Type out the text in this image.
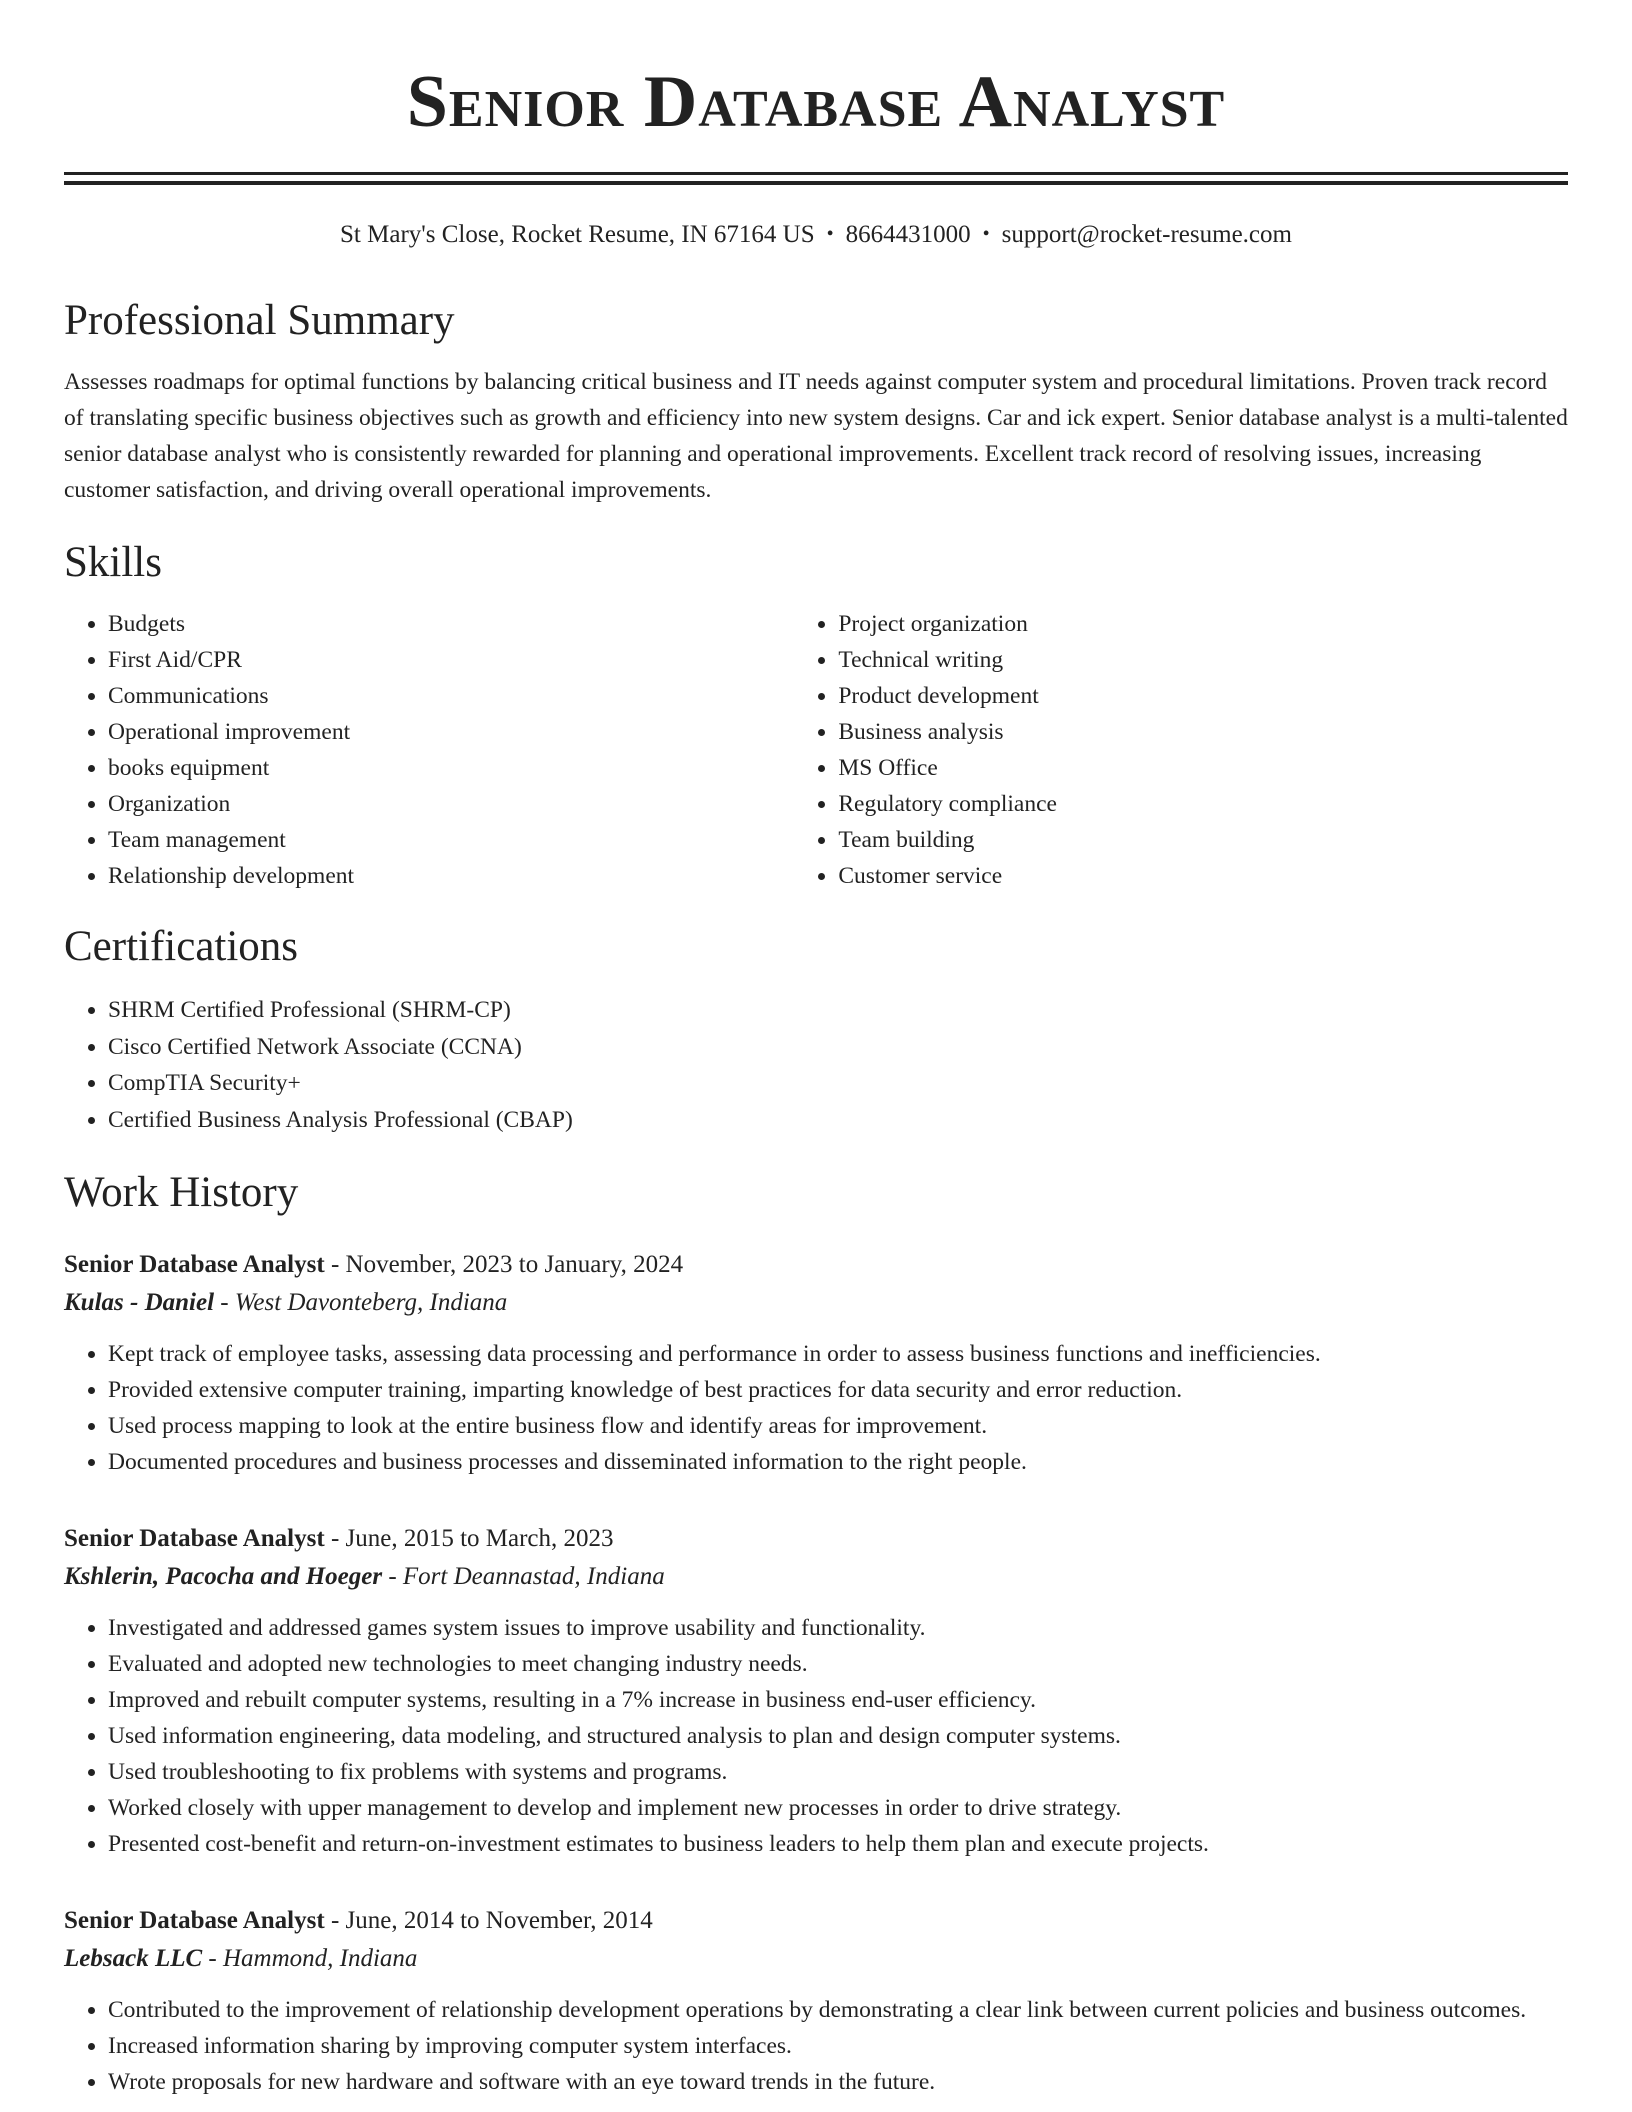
Senior Database Analyst
St Mary's Close, Rocket Resume, IN 67164 US • 8664431000 • support@rocket-resume.com
Professional Summary

Assesses roadmaps for optimal functions by balancing critical business and IT needs against computer system and procedural limitations. Proven track record of translating specific business objectives such as growth and efficiency into new system designs. Car and ick expert. Senior database analyst is a multi-talented senior database analyst who is consistently rewarded for planning and operational improvements. Excellent track record of resolving issues, increasing customer satisfaction, and driving overall operational improvements.

Skills
• Budgets
• First Aid/CPR
• Communications
• Operational improvement
• books equipment
• Organization
• Team management
• Relationship development
• Project organization
• Technical writing
• Product development
• Business analysis
• MS Office
• Regulatory compliance
• Team building
• Customer service
Certifications
• SHRM Certified Professional (SHRM-CP)
• Cisco Certified Network Associate (CCNA)
• CompTIA Security+
• Certified Business Analysis Professional (CBAP)
Work History
Senior Database Analyst - November, 2023 to January, 2024
Kulas - Daniel - West Davonteberg, Indiana
• Kept track of employee tasks, assessing data processing and performance in order to assess business functions and inefficiencies.
• Provided extensive computer training, imparting knowledge of best practices for data security and error reduction.
• Used process mapping to look at the entire business flow and identify areas for improvement.
• Documented procedures and business processes and disseminated information to the right people.
Senior Database Analyst - June, 2015 to March, 2023
Kshlerin, Pacocha and Hoeger - Fort Deannastad, Indiana
• Investigated and addressed games system issues to improve usability and functionality.
• Evaluated and adopted new technologies to meet changing industry needs.
• Improved and rebuilt computer systems, resulting in a 7% increase in business end-user efficiency.
• Used information engineering, data modeling, and structured analysis to plan and design computer systems.
• Used troubleshooting to fix problems with systems and programs.
• Worked closely with upper management to develop and implement new processes in order to drive strategy.
• Presented cost-benefit and return-on-investment estimates to business leaders to help them plan and execute projects.
Senior Database Analyst - June, 2014 to November, 2014
Lebsack LLC - Hammond, Indiana
• Contributed to the improvement of relationship development operations by demonstrating a clear link between current policies and business outcomes.
• Increased information sharing by improving computer system interfaces.
• Wrote proposals for new hardware and software with an eye toward trends in the future.
